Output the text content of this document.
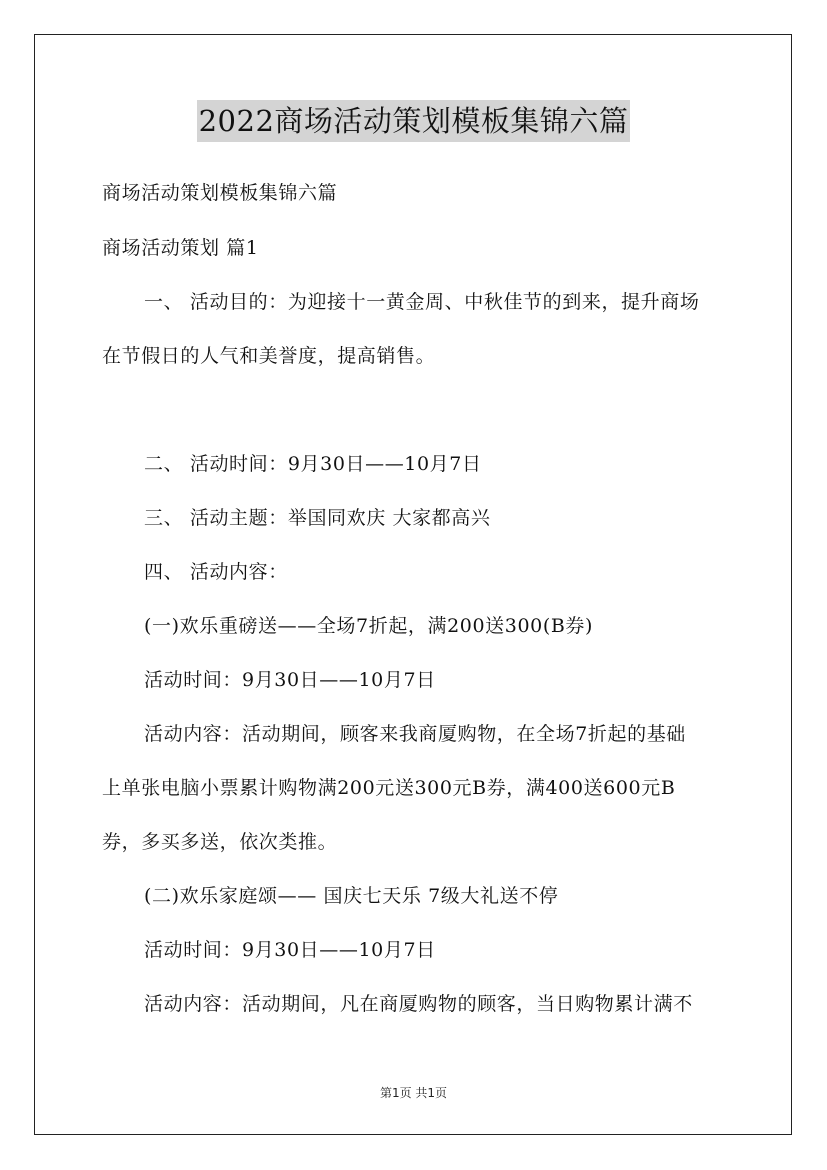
2022商场活动策划模板集锦六篇
商场活动策划模板集锦六篇
商场活动策划 篇1
一、 活动目的：为迎接十一黄金周、中秋佳节的到来，提升商场
在节假日的人气和美誉度，提高销售。
二、 活动时间：9月30日——10月7日
三、 活动主题：举国同欢庆 大家都高兴
四、 活动内容：
(一)欢乐重磅送——全场7折起，满200送300(B券)
活动时间：9月30日——10月7日
活动内容：活动期间，顾客来我商厦购物，在全场7折起的基础
上单张电脑小票累计购物满200元送300元B券，满400送600元B
券，多买多送，依次类推。
(二)欢乐家庭颂—— 国庆七天乐 7级大礼送不停
活动时间：9月30日——10月7日
活动内容：活动期间，凡在商厦购物的顾客，当日购物累计满不
第1页 共1页
